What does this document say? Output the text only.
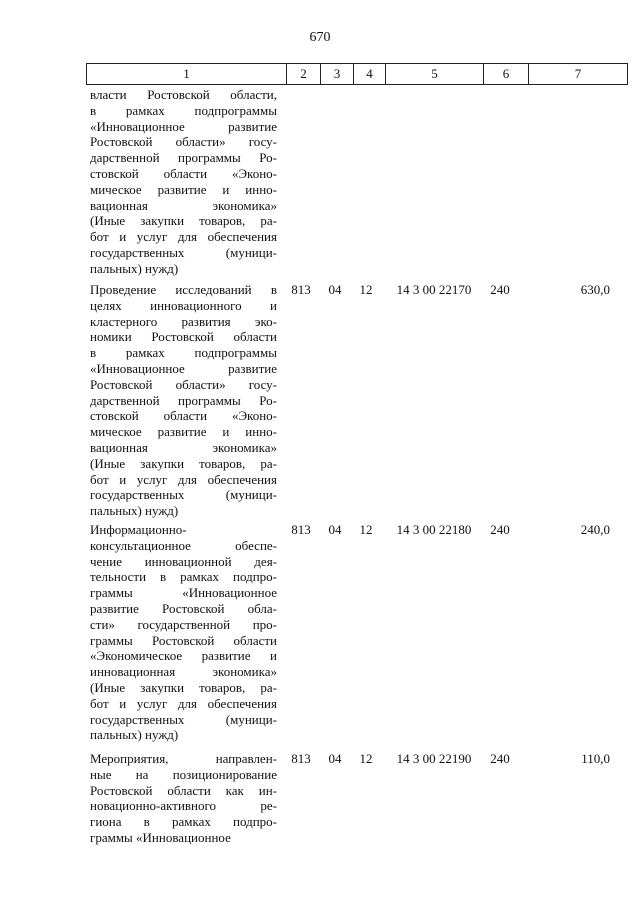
670
1	2	3	4	5	6	7
власти Ростовской области,
в рамках подпрограммы
«Инновационное развитие
Ростовской области» госу-
дарственной программы Ро-
стовской области «Эконо-
мическое развитие и инно-
вационная экономика»
(Иные закупки товаров, ра-
бот и услуг для обеспечения
государственных (муници-
пальных) нужд)
Проведение исследований в
целях инновационного и
кластерного развития эко-
номики Ростовской области
в рамках подпрограммы
«Инновационное развитие
Ростовской области» госу-
дарственной программы Ро-
стовской области «Эконо-
мическое развитие и инно-
вационная экономика»
(Иные закупки товаров, ра-
бот и услуг для обеспечения
государственных (муници-
пальных) нужд)
813	04	12	14 3 00 22170	240	630,0
Информационно-
консультационное обеспе-
чение инновационной дея-
тельности в рамках подпро-
граммы «Инновационное
развитие Ростовской обла-
сти» государственной про-
граммы Ростовской области
«Экономическое развитие и
инновационная экономика»
(Иные закупки товаров, ра-
бот и услуг для обеспечения
государственных (муници-
пальных) нужд)
813	04	12	14 3 00 22180	240	240,0
Мероприятия, направлен-
ные на позиционирование
Ростовской области как ин-
новационно-активного ре-
гиона в рамках подпро-
граммы «Инновационное
813	04	12	14 3 00 22190	240	110,0
